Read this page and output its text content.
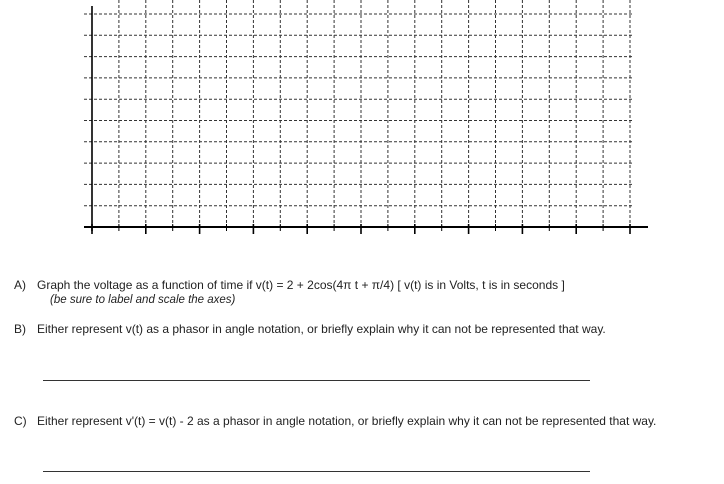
A) Graph the voltage as a function of time if v(t) = 2 + 2cos(4π t + π/4) [ v(t) is in Volts, t is in seconds ]
(be sure to label and scale the axes)
B) Either represent v(t) as a phasor in angle notation, or briefly explain why it can not be represented that way.
C) Either represent v'(t) = v(t) - 2 as a phasor in angle notation, or briefly explain why it can not be represented that way.
